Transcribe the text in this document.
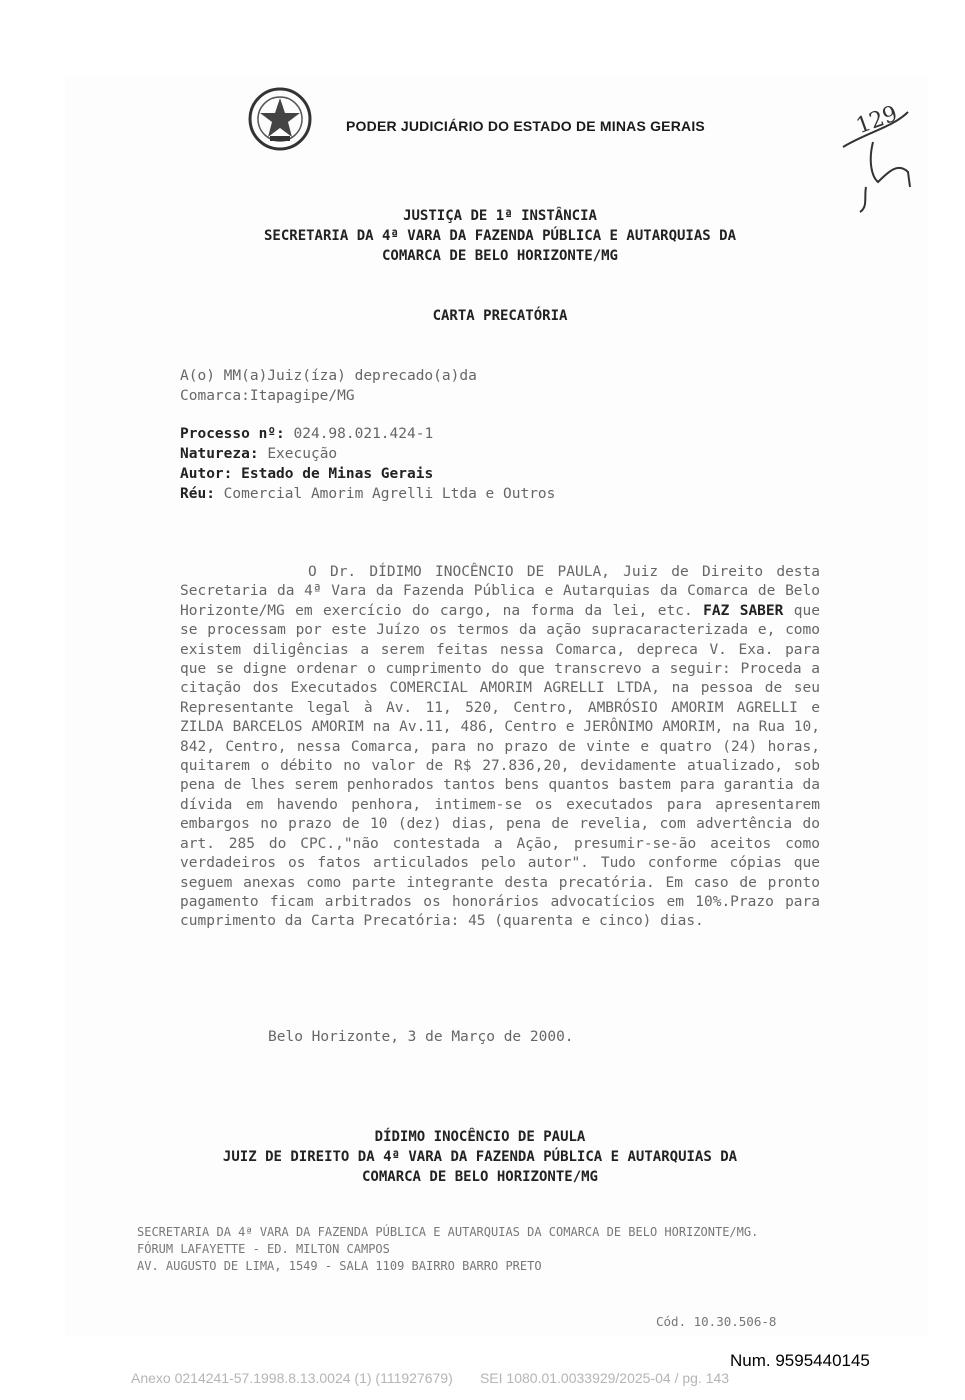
PODER JUDICIÁRIO DO ESTADO DE MINAS GERAIS	129
JUSTIÇA DE 1ª INSTÂNCIA
SECRETARIA DA 4ª VARA DA FAZENDA PÚBLICA E AUTARQUIAS DA
COMARCA DE BELO HORIZONTE/MG
CARTA PRECATÓRIA
A(o) MM(a)Juiz(íza) deprecado(a)da
Comarca:Itapagipe/MG
Processo nº: 024.98.021.424-1
Natureza: Execução
Autor: Estado de Minas Gerais
Réu: Comercial Amorim Agrelli Ltda e Outros
O Dr. DÍDIMO INOCÊNCIO DE PAULA, Juiz de Direito desta Secretaria da 4ª Vara da Fazenda Pública e Autarquias da Comarca de Belo Horizonte/MG em exercício do cargo, na forma da lei, etc. FAZ SABER que se processam por este Juízo os termos da ação supracaracterizada e, como existem diligências a serem feitas nessa Comarca, depreca V. Exa. para que se digne ordenar o cumprimento do que transcrevo a seguir: Proceda a citação dos Executados COMERCIAL AMORIM AGRELLI LTDA, na pessoa de seu Representante legal à Av. 11, 520, Centro, AMBRÓSIO AMORIM AGRELLI e ZILDA BARCELOS AMORIM na Av.11, 486, Centro e JERÔNIMO AMORIM, na Rua 10, 842, Centro, nessa Comarca, para no prazo de vinte e quatro (24) horas, quitarem o débito no valor de R$ 27.836,20, devidamente atualizado, sob pena de lhes serem penhorados tantos bens quantos bastem para garantia da dívida em havendo penhora, intimem-se os executados para apresentarem embargos no prazo de 10 (dez) dias, pena de revelia, com advertência do art. 285 do CPC.,"não contestada a Ação, presumir-se-ão aceitos como verdadeiros os fatos articulados pelo autor". Tudo conforme cópias que seguem anexas como parte integrante desta precatória. Em caso de pronto pagamento ficam arbitrados os honorários advocatícios em 10%.Prazo para cumprimento da Carta Precatória: 45 (quarenta e cinco) dias.
Belo Horizonte, 3 de Março de 2000.
DÍDIMO INOCÊNCIO DE PAULA
JUIZ DE DIREITO DA 4ª VARA DA FAZENDA PÚBLICA E AUTARQUIAS DA
COMARCA DE BELO HORIZONTE/MG
SECRETARIA DA 4ª VARA DA FAZENDA PÚBLICA E AUTARQUIAS DA COMARCA DE BELO HORIZONTE/MG.
FÓRUM LAFAYETTE - ED. MILTON CAMPOS
AV. AUGUSTO DE LIMA, 1549 - SALA 1109 BAIRRO BARRO PRETO
Cód. 10.30.506-8
Num. 9595440145
Anexo 0214241-57.1998.8.13.0024 (1) (111927679)       SEI 1080.01.0033929/2025-04 / pg. 143
